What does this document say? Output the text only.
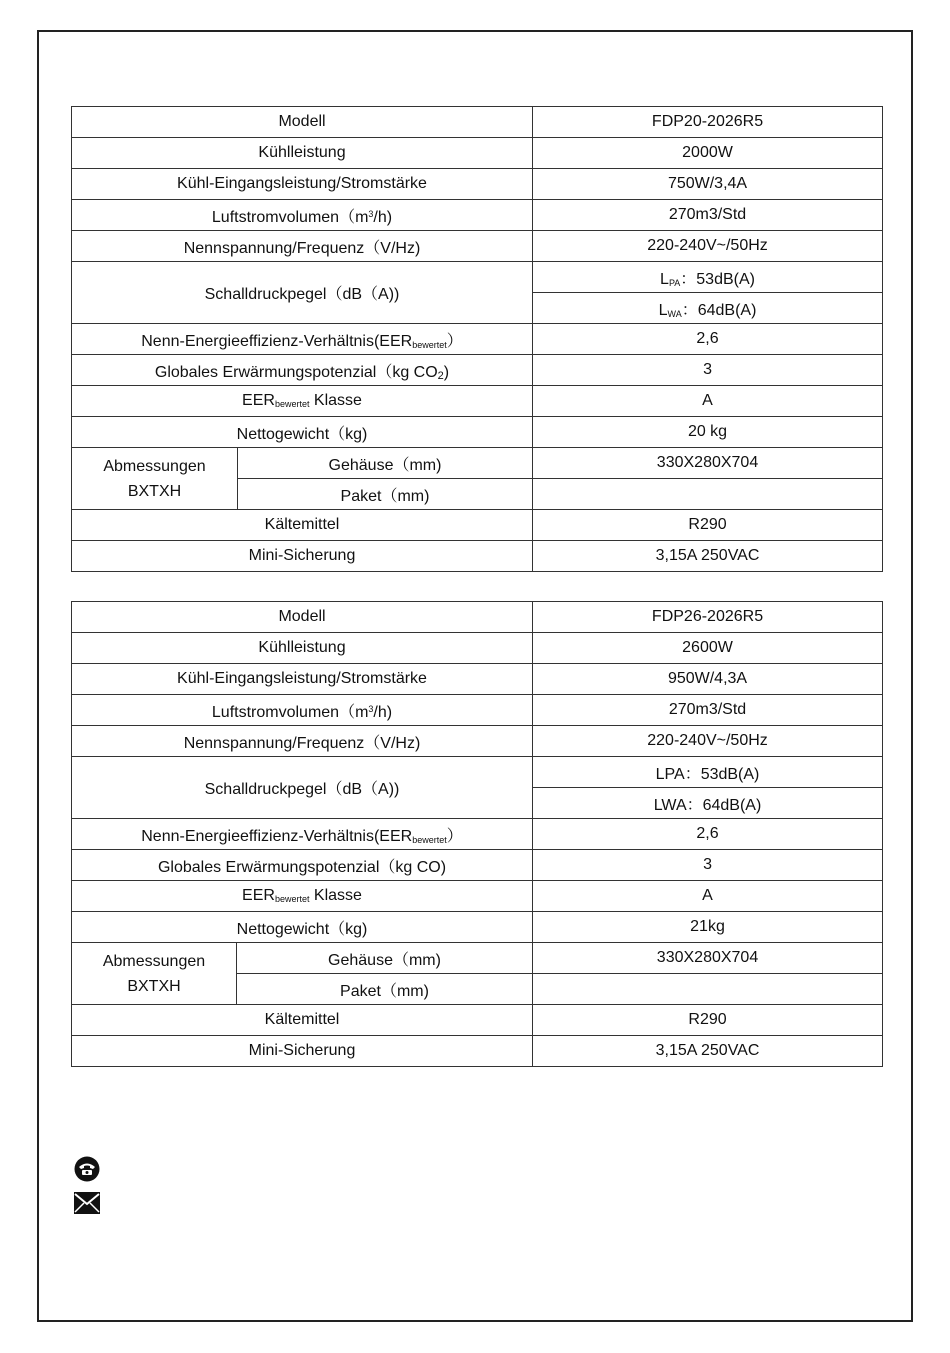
Modell		FDP20-2026R5
Kühlleistung		2000W
Kühl-Eingangsleistung/Stromstärke		750W/3,4A
$Luftstromvolumen(m^3/h)$		270m3/Std
Nennspannung/Frequenz（V/Hz)		220-240V~/50Hz
Schalldruckpegel（dB（A))		$L_{PA}$：53dB(A)
		$L_{WA}$：64dB(A)
Nenn-$Energieeffizienz-Verhältnis(EER_{bewertet})$		2,6
Globales Erwärmungspotenzial（kg $CO_2$)		3
$EER_{bewertet}$ Klasse		A
Nettogewicht（kg)		20 kg
Abmessungen
BXTXH	Gehäuse（mm)	330X280X704
	Paket（mm)	
Kältemittel		R290
Mini-Sicherung		3,15A 250VAC
Modell		FDP26-2026R5
Kühlleistung		2600W
Kühl-Eingangsleistung/Stromstärke		950W/4,3A
$Luftstromvolumen(m^3/h)$		270m3/Std
Nennspannung/Frequenz（V/Hz)		220-240V~/50Hz
Schalldruckpegel（dB（A))		LPA：53dB(A)
		LWA：64dB(A)
Nenn-$Energieeffizienz-Verhältnis(EER_{bewertet})$		2,6
Globales Erwärmungspotenzial（kg CO)		3
$EER_{bewertet}$ Klasse		A
Nettogewicht（kg)		21kg
Abmessungen
BXTXH	Gehäuse（mm)	330X280X704
	Paket（mm)	
Kältemittel		R290
Mini-Sicherung		3,15A 250VAC
